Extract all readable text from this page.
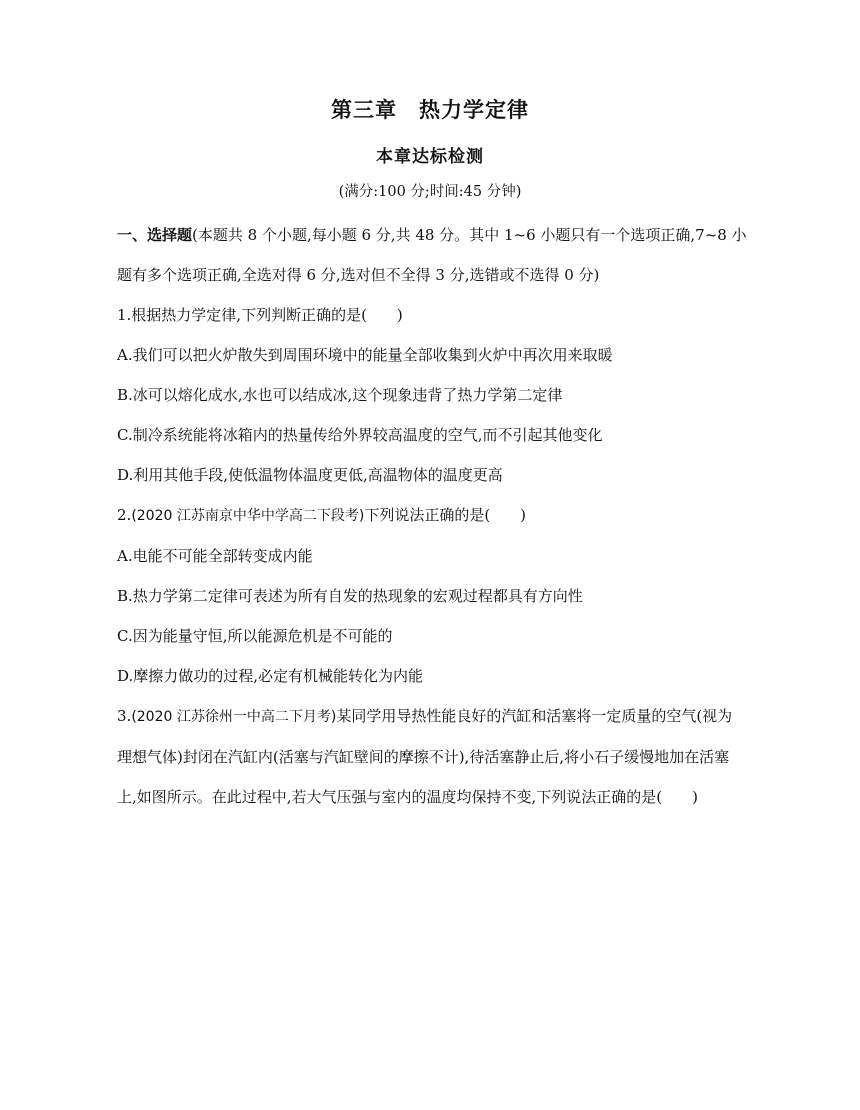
第三章 热力学定律
本章达标检测
(满分:100 分;时间:45 分钟)

一、选择题(本题共 8 个小题,每小题 6 分,共 48 分。其中 1~6 小题只有一个选项正确,7~8 小题有多个选项正确,全选对得 6 分,选对但不全得 3 分,选错或不选得 0 分)

1.根据热力学定律,下列判断正确的是(　　)

A.我们可以把火炉散失到周围环境中的能量全部收集到火炉中再次用来取暖

B.冰可以熔化成水,水也可以结成冰,这个现象违背了热力学第二定律

C.制冷系统能将冰箱内的热量传给外界较高温度的空气,而不引起其他变化

D.利用其他手段,使低温物体温度更低,高温物体的温度更高

2.(2020 江苏南京中华中学高二下段考)下列说法正确的是(　　)

A.电能不可能全部转变成内能

B.热力学第二定律可表述为所有自发的热现象的宏观过程都具有方向性

C.因为能量守恒,所以能源危机是不可能的

D.摩擦力做功的过程,必定有机械能转化为内能

3.(2020 江苏徐州一中高二下月考)某同学用导热性能良好的汽缸和活塞将一定质量的空气(视为理想气体)封闭在汽缸内(活塞与汽缸壁间的摩擦不计),待活塞静止后,将小石子缓慢地加在活塞上,如图所示。在此过程中,若大气压强与室内的温度均保持不变,下列说法正确的是(　　)
